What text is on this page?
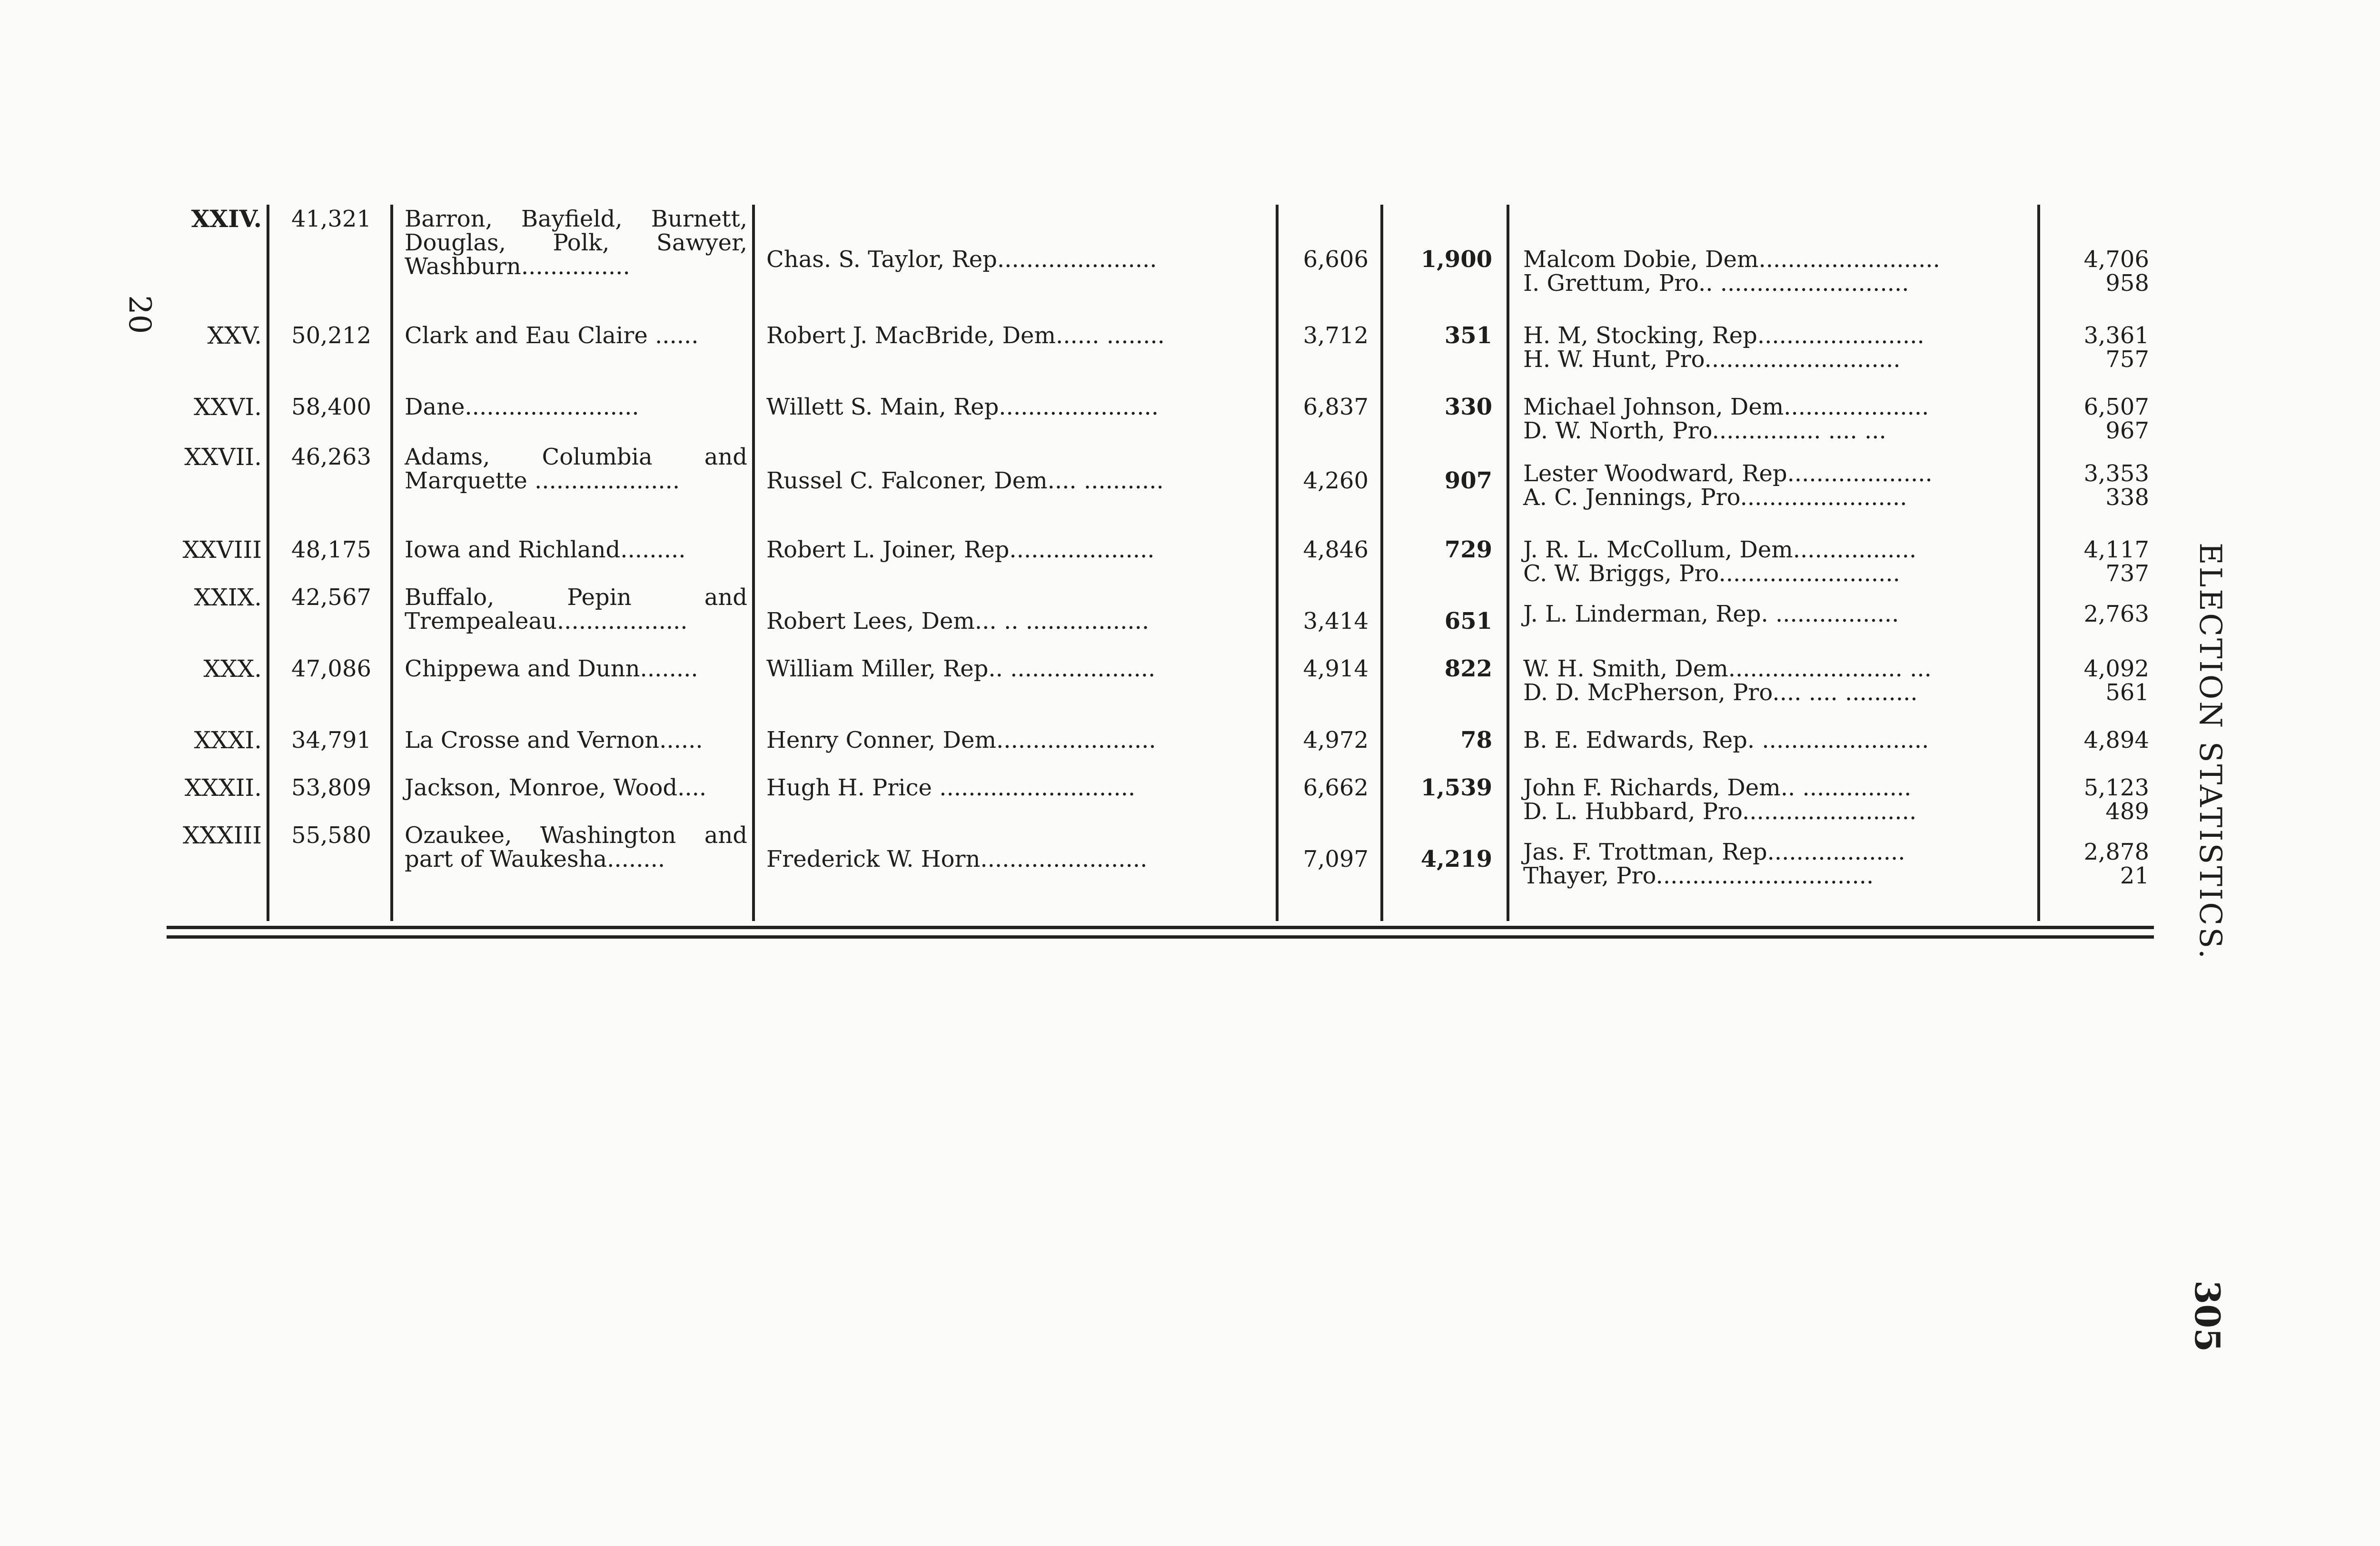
XXIV.	41,321 Barron, Bayfield, Burnett, Douglas, Polk, Sawyer, Washburn...............	Chas. S. Taylor, Rep......................	6,606	1,900 Malcom Dobie, Dem.........................	4,706
I. Grettum, Pro.. ..........................	958
XXV.	50,212 Clark and Eau Claire ......	Robert J. MacBride, Dem...... ........	3,712	351 H. M, Stocking, Rep.......................	3,361
H. W. Hunt, Pro...........................	757
XXVI.	58,400 Dane........................	Willett S. Main, Rep......................	6,837	330 Michael Johnson, Dem....................	6,507
D. W. North, Pro............... .... ...	967
XXVII.	46,263 Adams, Columbia and Marquette ....................	Russel C. Falconer, Dem.... ...........	4,260	907 Lester Woodward, Rep....................	3,353
A. C. Jennings, Pro.......................	338
XXVIII	48,175 Iowa and Richland.........	Robert L. Joiner, Rep....................	4,846	729 J. R. L. McCollum, Dem.................	4,117
C. W. Briggs, Pro.........................	737
XXIX.	42,567 Buffalo, Pepin and Trempealeau..................	Robert Lees, Dem... .. .................	3,414	651 J. L. Linderman, Rep. .................	2,763
XXX.	47,086 Chippewa and Dunn........	William Miller, Rep.. ....................	4,914	822 W. H. Smith, Dem........................ ...	4,092
D. D. McPherson, Pro.... .... ..........	561
XXXI.	34,791 La Crosse and Vernon......	Henry Conner, Dem......................	4,972	78 B. E. Edwards, Rep. .......................	4,894
XXXII.	53,809 Jackson, Monroe, Wood....	Hugh H. Price ...........................	6,662	1,539 John F. Richards, Dem.. ...............	5,123
D. L. Hubbard, Pro........................	489
XXXIII	55,580 Ozaukee, Washington and part of Waukesha........	Frederick W. Horn.......................	7,097	4,219 Jas. F. Trottman, Rep...................	2,878
Thayer, Pro..............................	21 ELECTION STATISTICS.
305
20
